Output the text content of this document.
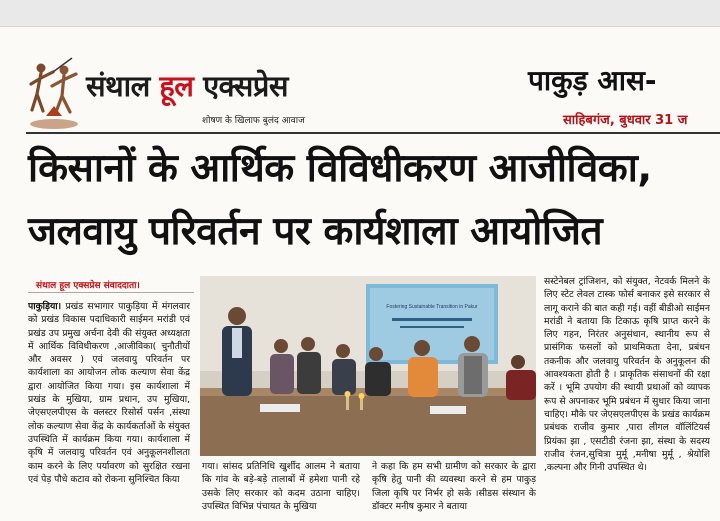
संथाल हूल एक्सप्रेस
शोषण के खिलाफ बुलंद आवाज
पाकुड़ आस-
साहिबगंज, बुधवार 31 ज
किसानों के आर्थिक विविधीकरण आजीविका,
जलवायु परिवर्तन पर कार्यशाला आयोजित
संथाल हूल एक्सप्रेस संवाददाता।
पाकुड़िया। प्रखंड सभागार पाकुड़िया में मंगलवार को प्रखंड विकास पदाधिकारी साईमन मरांडी एवं प्रखंड उप प्रमुख अर्चना देवी की संयुक्त अध्यक्षता में आर्थिक विविधीकरण ,आजीविका( चुनौतीयों और अवसर ) एवं जलवायु परिवर्तन पर कार्यशाला का आयोजन लोक कल्याण सेवा केंद्र द्वारा आयोजित किया गया। इस कार्यशाला में प्रखंड के मुखिया, ग्राम प्रधान, उप मुखिया, जेएसएलपीएस के क्लस्टर रिसोर्स पर्सन ,संस्था लोक कल्याण सेवा केंद्र के कार्यकर्ताओं के संयुक्त उपस्थिति में कार्यक्रम किया गया। कार्यशाला में कृषि में जलवायु परिवर्तन एवं अनुकूलनशीलता काम करने के लिए पर्यावरण को सुरक्षित रखना एवं पेड़ पौधे कटाव को रोकना सुनिश्चित किया
Fostering Sustainable Transition in Pakur
गया। सांसद प्रतिनिधि खुर्शीद आलम ने बताया कि गांव के बड़े-बड़े तालाबों में हमेशा पानी रहे उसके लिए सरकार को कदम उठाना चाहिए।उपस्थित विभिन्न पंचायत के मुखिया
ने कहा कि हम सभी ग्रामीण को सरकार के द्वारा कृषि हेतु पानी की व्यवस्था करने से हम पाकुड़ जिला कृषि पर निर्भर हो सके ।सीडस संस्थान के डॉक्टर मनीष कुमार ने बताया
सस्टेनेबल ट्रांजिशन, को संयुक्त, नेटवर्क मिलने के लिए स्टेट लेवल टास्क फोर्स बनाकर इसे सरकार से लागू कराने की बात कही गई। वहीं बीडीओ साईमन मरांडी ने बताया कि टिकाऊ कृषि प्राप्त करने के लिए गहन, निरंतर अनुसंधान, स्थानीय रूप से प्रासंगिक फसलों को प्राथमिकता देना, प्रबंधन तकनीक और जलवायु परिवर्तन के अनुकूलन की आवश्यकता होती है । प्राकृतिक संसाधनों की रक्षा करें । भूमि उपयोग की स्थायी प्रथाओं को व्यापक रूप से अपनाकर भूमि प्रबंधन में सुधार किया जाना चाहिए। मौके पर जेएसएलपीएस के प्रखंड कार्यक्रम प्रबंधक राजीव कुमार ,पारा लीगल वॉलिंटियर्स प्रियंका झा , एसटीडी रंजना झा, संस्था के सदस्य राजीव रंजन,सुचित्रा मुर्मू ,मनीषा मुर्मू , श्रेयोशि ,कल्पना और गिनी उपस्थित थे।
